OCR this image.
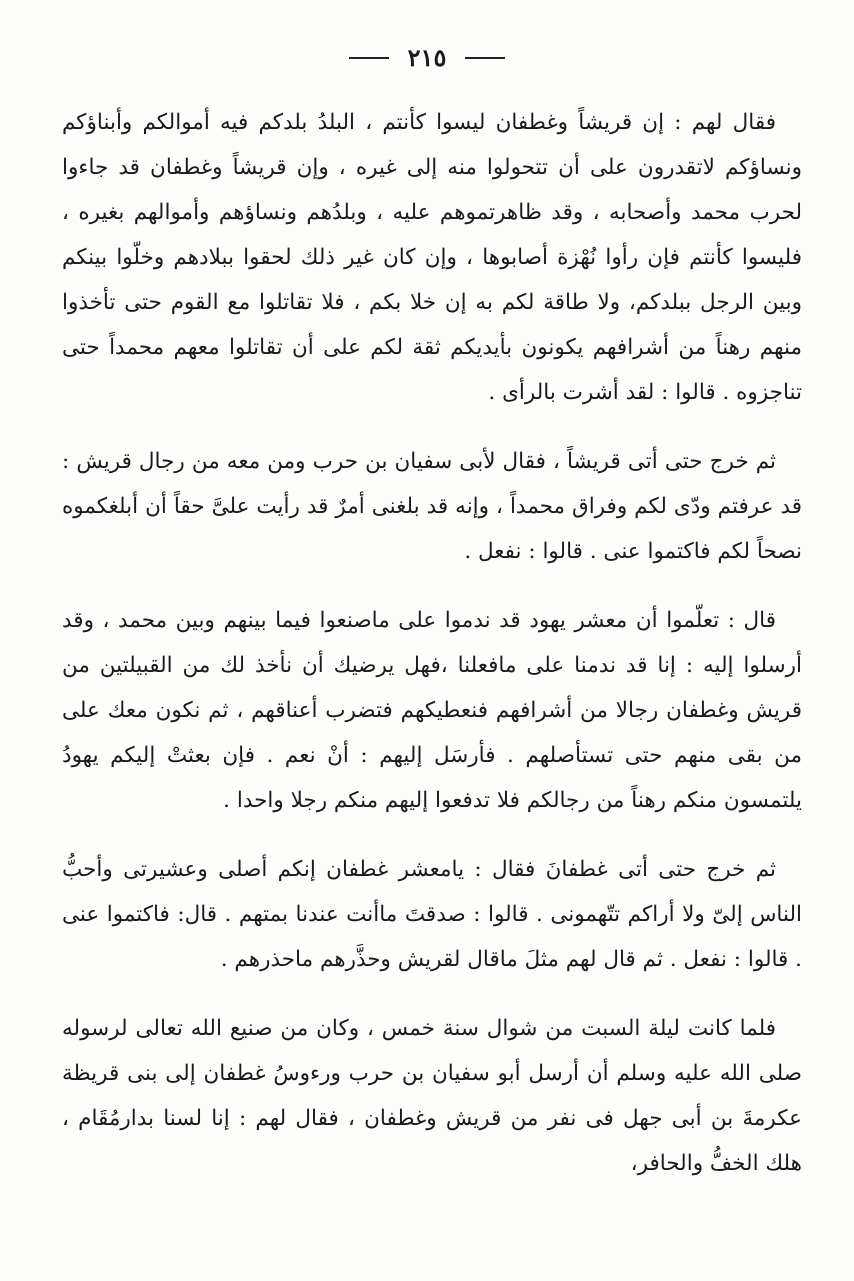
٢١٥

فقال لهم : إن قريشاً وغطفان ليسوا كأنتم ، البلدُ بلدكم فيه أموالكم وأبناؤكم ونساؤكم لاتقدرون على أن تتحولوا منه إلى غيره ، وإن قريشاً وغطفان قد جاءوا لحرب محمد وأصحابه ، وقد ظاهرتموهم عليه ، وبلدُهم ونساؤهم وأموالهم بغيره ، فليسوا كأنتم فإن رأوا نُهْزة أصابوها ، وإن كان غير ذلك لحقوا ببلادهم وخلّوا بينكم وبين الرجل ببلدكم، ولا طاقة لكم به إن خلا بكم ، فلا تقاتلوا مع القوم حتى تأخذوا منهم رهناً من أشرافهم يكونون بأيديكم ثقة لكم على أن تقاتلوا معهم محمداً حتى تناجزوه . قالوا : لقد أشرت بالرأى .

ثم خرج حتى أتى قريشاً ، فقال لأبى سفيان بن حرب ومن معه من رجال قريش : قد عرفتم ودّى لكم وفراق محمداً ، وإنه قد بلغنى أمرٌ قد رأيت علىَّ حقاً أن أبلغكموه نصحاً لكم فاكتموا عنى . قالوا : نفعل .

قال : تعلّموا أن معشر يهود قد ندموا على ماصنعوا فيما بينهم وبين محمد ، وقد أرسلوا إليه : إنا قد ندمنا على مافعلنا ،فهل يرضيك أن نأخذ لك من القبيلتين من قريش وغطفان رجالا من أشرافهم فنعطيكهم فتضرب أعناقهم ، ثم نكون معك على من بقى منهم حتى تستأصلهم . فأرسَل إليهم : أنْ نعم . فإن بعثتْ إليكم يهودُ يلتمسون منكم رهناً من رجالكم فلا تدفعوا إليهم منكم رجلا واحدا .

ثم خرج حتى أتى غطفانَ فقال : يامعشر غطفان إنكم أصلى وعشيرتى وأحبُّ الناس إلىّ ولا أراكم تتّهمونى . قالوا : صدقتَ ماأنت عندنا بمتهم . قال: فاكتموا عنى . قالوا : نفعل . ثم قال لهم مثلَ ماقال لقريش وحذَّرهم ماحذرهم .

فلما كانت ليلة السبت من شوال سنة خمس ، وكان من صنيع الله تعالى لرسوله صلى الله عليه وسلم أن أرسل أبو سفيان بن حرب ورءوسُ غطفان إلى بنى قريظة عكرمةَ بن أبى جهل فى نفر من قريش وغطفان ، فقال لهم : إنا لسنا بدارمُقَام ، هلك الخفُّ والحافر،
